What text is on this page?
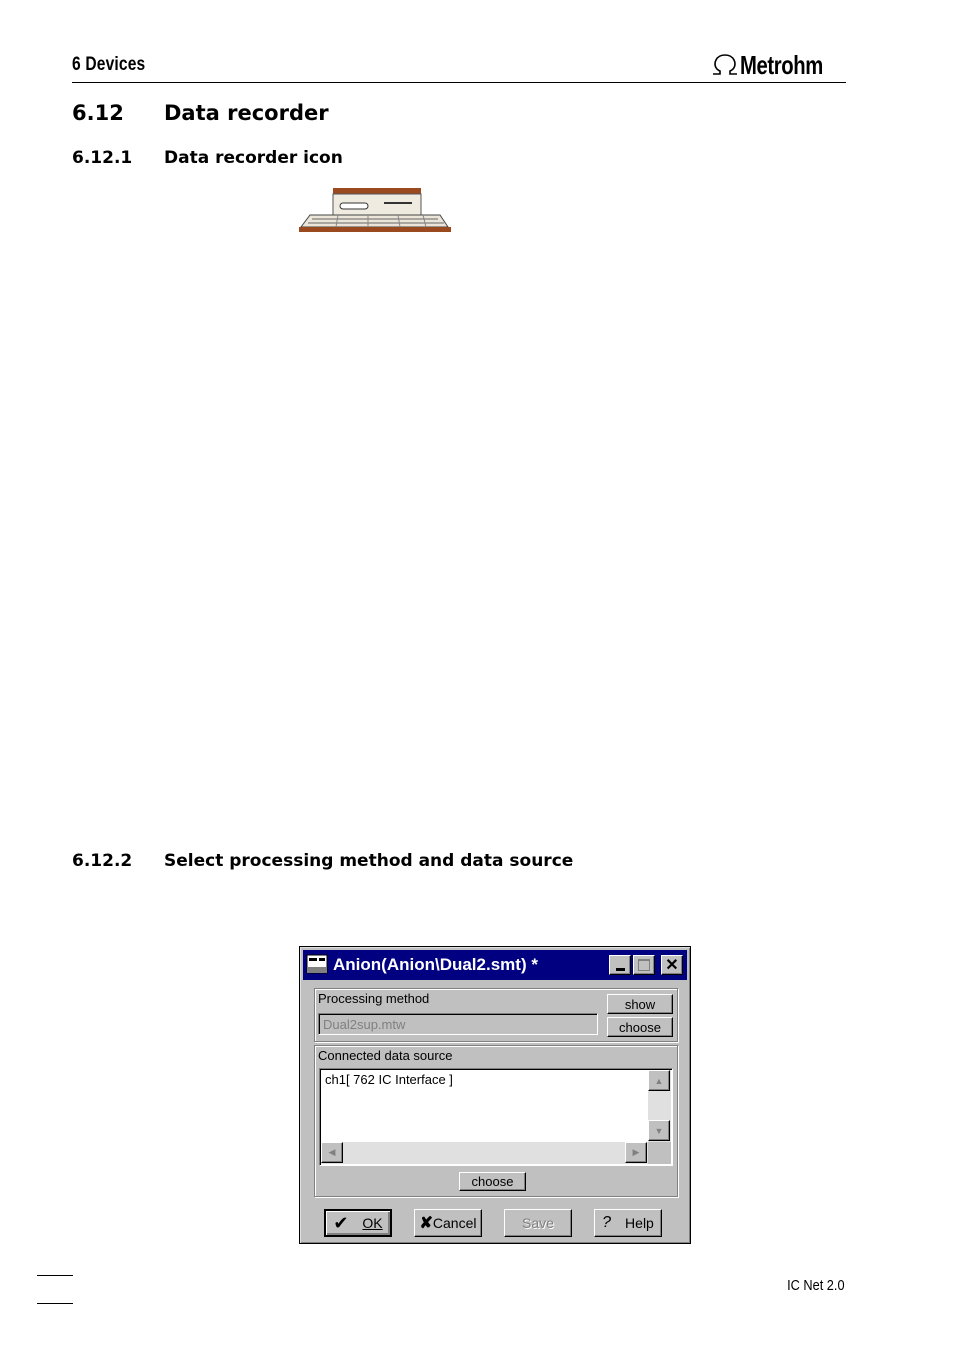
6 Devices	Metrohm
6.12 Data recorder
6.12.1 Data recorder icon
6.12.2 Select processing method and data source
Anion(Anion\Dual2.smt) *	✕
Processing method
Dual2sup.mtw
show
choose
Connected data source
ch1[ 762 IC Interface ]	▲
▼
◀	▶
choose
✔ OK ✘ Cancel	Save	? Help
IC Net 2.0
